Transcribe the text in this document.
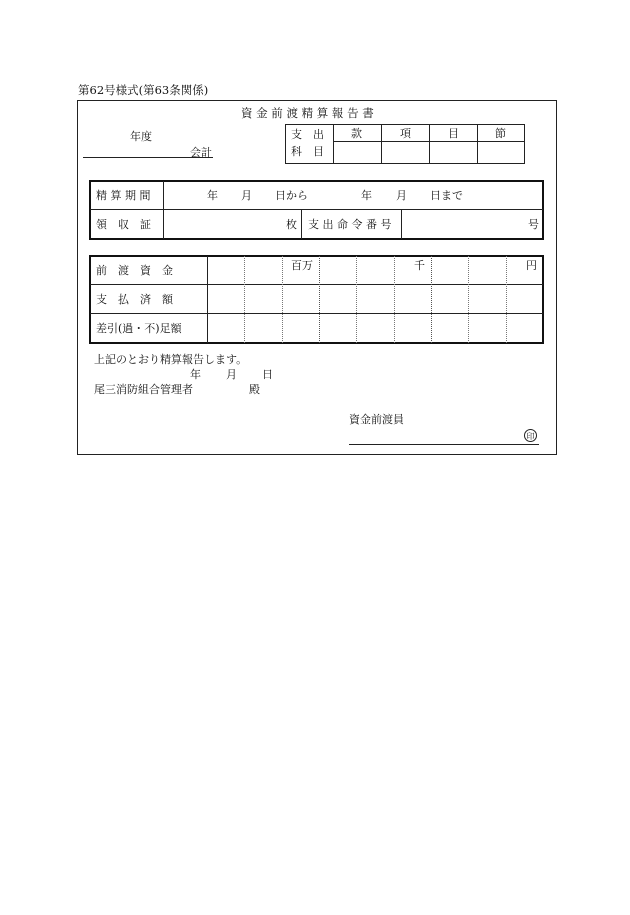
第62号様式(第63条関係)
資 金 前 渡 精 算 報 告 書
年度
会計
支　出
科　目
款	項	目	節
精 算 期 間	年 月 日から	年 月 日まで
領　収　証	枚 支 出 命 令 番 号	号
前　渡　資　金
支　払　済　額
差引(過・不)足額
百万	千	円
上記のとおり精算報告します。
年 月 日
尾三消防組合管理者	殿
資金前渡員
印
